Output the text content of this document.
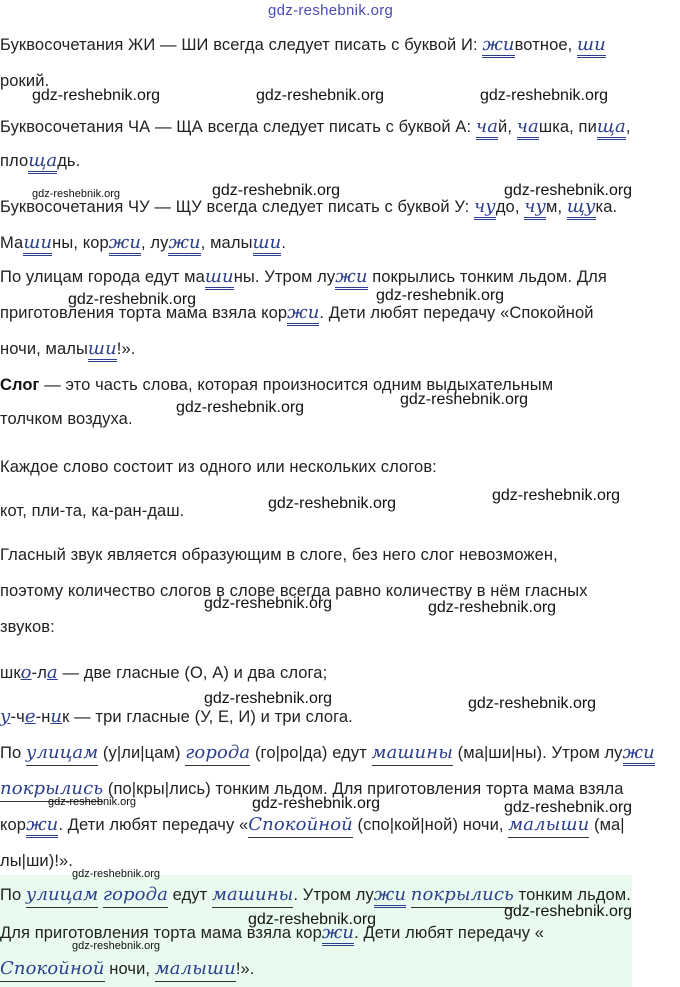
gdz-reshebnik.org
Буквосочетания ЖИ — ШИ всегда следует писать с буквой И: животное, ши
рокий.
Буквосочетания ЧА — ЩА всегда следует писать с буквой А: чай, чашка, пища,
площадь.
Буквосочетания ЧУ — ЩУ всегда следует писать с буквой У: чудо, чум, щука.
Машины, коржи, лужи, малыши.
По улицам города едут машины. Утром лужи покрылись тонким льдом. Для
приготовления торта мама взяла коржи. Дети любят передачу «Спокойной
ночи, малыши!».
Слог — это часть слова, которая произносится одним выдыхательным
толчком воздуха.
Каждое слово состоит из одного или нескольких слогов:
кот, пли-та, ка-ран-даш.
Гласный звук является образующим в слоге, без него слог невозможен,
поэтому количество слогов в слове всегда равно количеству в нём гласных
звуков:
шко-ла — две гласные (О, А) и два слога;
у-че-ник — три гласные (У, Е, И) и три слога.
По улицам (у|ли|цам) города (го|ро|да) едут машины (ма|ши|ны). Утром лужи
покрылись (по|кры|лись) тонким льдом. Для приготовления торта мама взяла
коржи. Дети любят передачу «Спокойной (спо|кой|ной) ночи, малыши (ма|
лы|ши)!».
По улицам города едут машины. Утром лужи покрылись тонким льдом.
Для приготовления торта мама взяла коржи. Дети любят передачу «
Спокойной ночи, малыши!».
gdz-reshebnik.org	gdz-reshebnik.org	gdz-reshebnik.org
gdz-reshebnik.org	gdz-reshebnik.org	gdz-reshebnik.org
gdz-reshebnik.org	gdz-reshebnik.org
gdz-reshebnik.org	gdz-reshebnik.org
gdz-reshebnik.org	gdz-reshebnik.org
gdz-reshebnik.org	gdz-reshebnik.org
gdz-reshebnik.org	gdz-reshebnik.org
gdz-reshebnik.org	gdz-reshebnik.org	gdz-reshebnik.org
gdz-reshebnik.org
gdz-reshebnik.org	gdz-reshebnik.org
gdz-reshebnik.org
